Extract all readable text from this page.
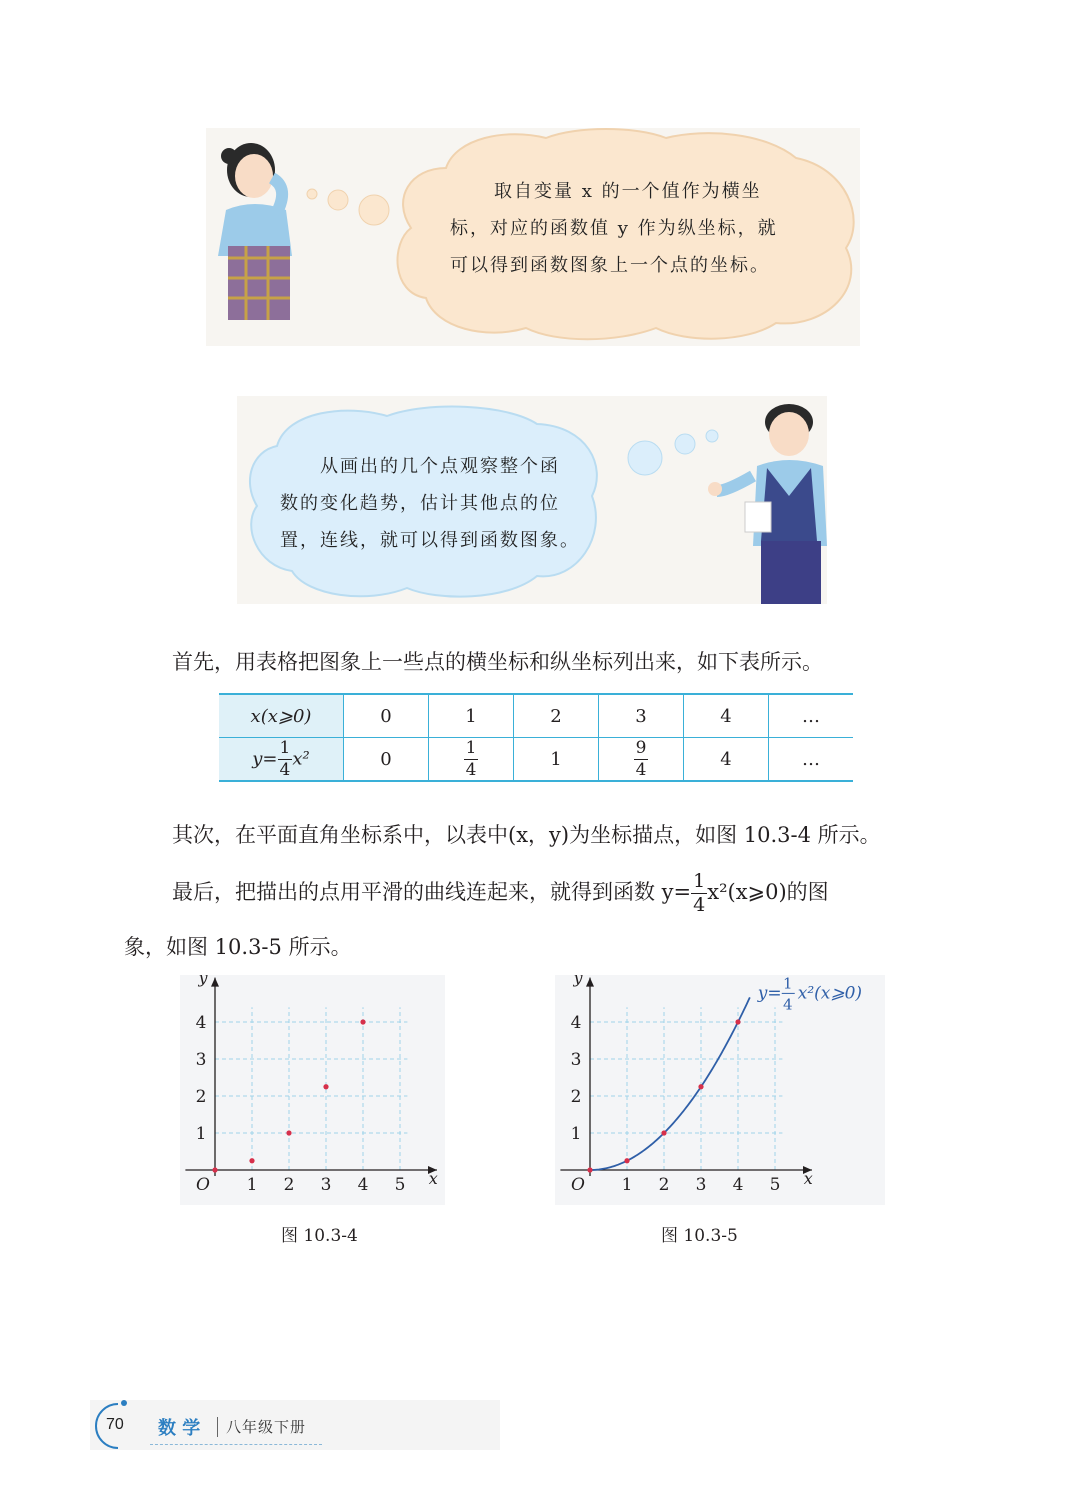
取自变量 x 的一个值作为横坐
标，对应的函数值 y 作为纵坐标，就
可以得到函数图象上一个点的坐标。
从画出的几个点观察整个函
数的变化趋势，估计其他点的位
置，连线，就可以得到函数图象。
首先，用表格把图象上一些点的横坐标和纵坐标列出来，如下表所示。
x(x⩾0)	0	1	2	3	4	…
$y= \frac{1}{4} x^2$	0	$\frac{1}{4}$	1	$\frac{9}{4}$	4	…
其次，在平面直角坐标系中，以表中(x，y)为坐标描点，如图 10.3-4 所示。
最后，把描出的点用平滑的曲线连起来，就得到函数 $y= \frac{1}{4}$ x²(x⩾0)的图
象，如图 10.3-5 所示。
1 2 3 4 5
1
2
3
4
O	x
y
1 2 3 4 5
1
2
3
4
O	x
y
y= 1
4
x²(x⩾0)
图 10.3-4	图 10.3-5
70 数 学 八年级下册
